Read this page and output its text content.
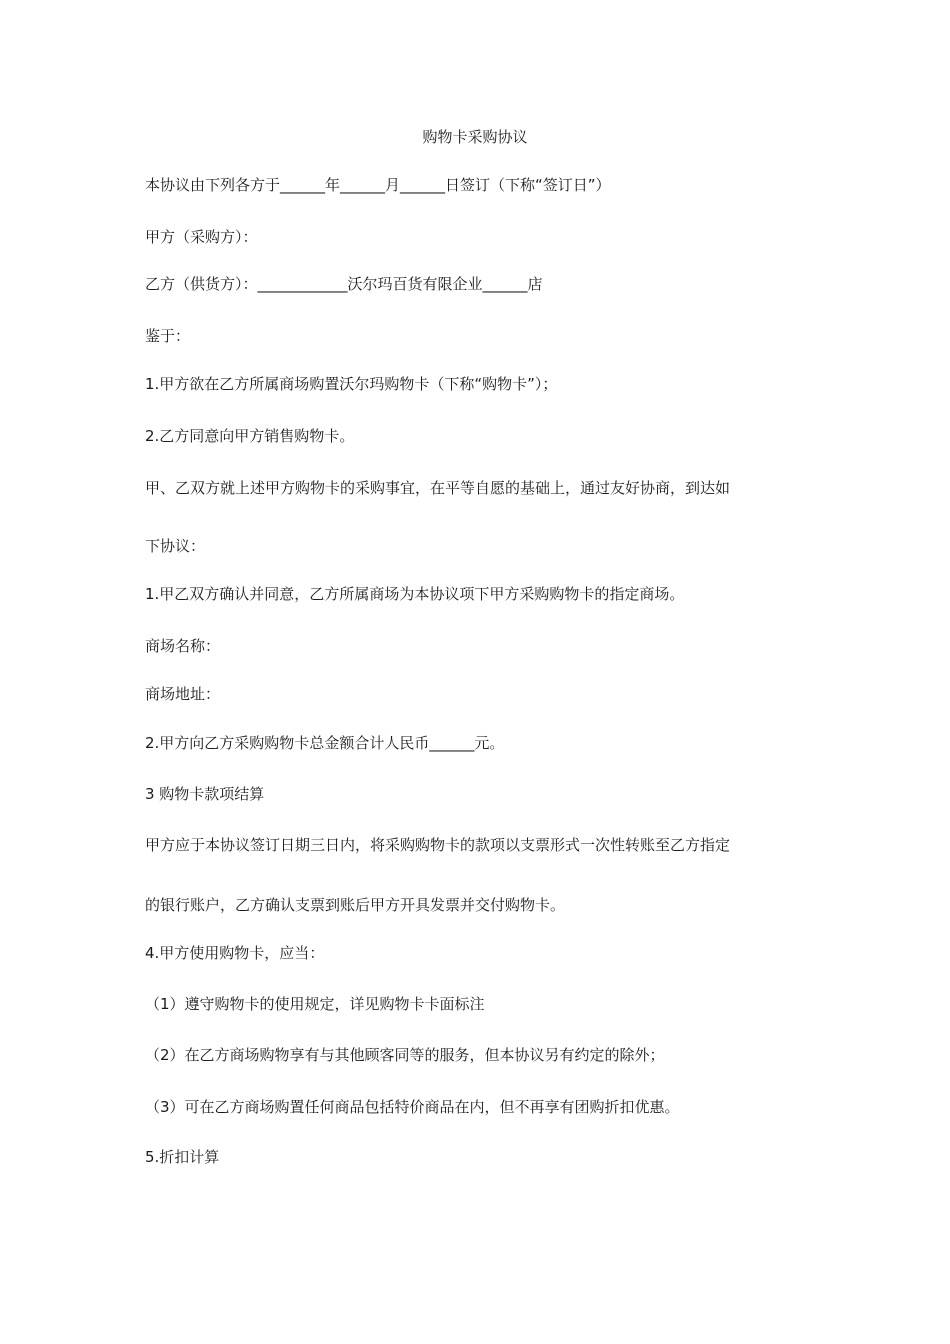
购物卡采购协议
本协议由下列各方于______年______月______日签订（下称“签订日”）
甲方（采购方）：
乙方（供货方）：____________沃尔玛百货有限企业______店
鉴于：
1.甲方欲在乙方所属商场购置沃尔玛购物卡（下称“购物卡”）；
2.乙方同意向甲方销售购物卡。
甲、乙双方就上述甲方购物卡的采购事宜，在平等自愿的基础上，通过友好协商，到达如
下协议：
1.甲乙双方确认并同意，乙方所属商场为本协议项下甲方采购购物卡的指定商场。
商场名称：
商场地址：
2.甲方向乙方采购购物卡总金额合计人民币______元。
3 购物卡款项结算
甲方应于本协议签订日期三日内，将采购购物卡的款项以支票形式一次性转账至乙方指定
的银行账户，乙方确认支票到账后甲方开具发票并交付购物卡。
4.甲方使用购物卡，应当：
（1）遵守购物卡的使用规定，详见购物卡卡面标注
（2）在乙方商场购物享有与其他顾客同等的服务，但本协议另有约定的除外；
（3）可在乙方商场购置任何商品包括特价商品在内，但不再享有团购折扣优惠。
5.折扣计算
